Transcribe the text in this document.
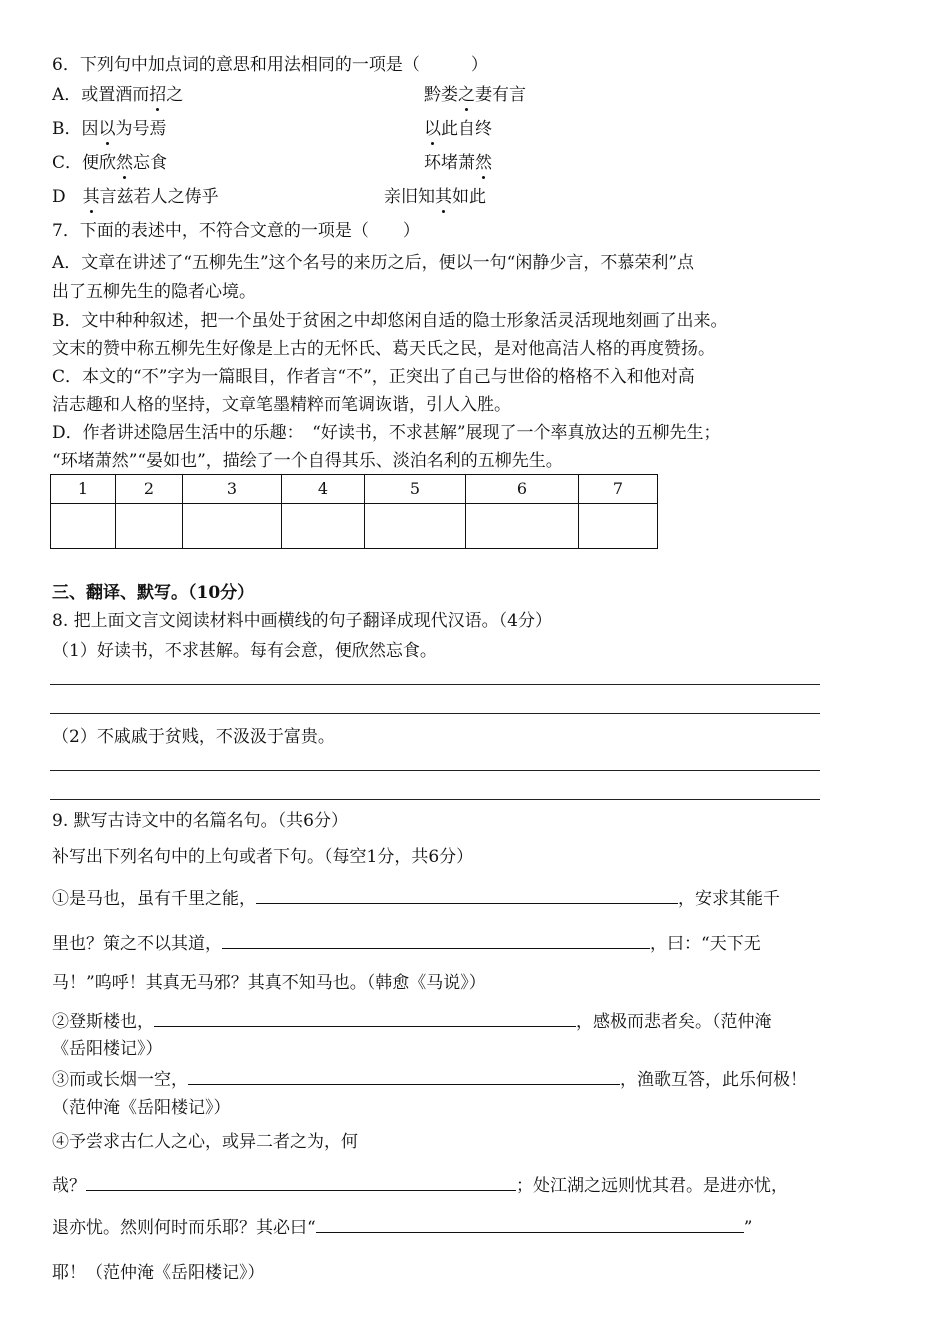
6．下列句中加点词的意思和用法相同的一项是（　　　）
A．或置酒而招之	黔娄之妻有言
B．因以为号焉	以此自终
C．便欣然忘食	环堵萧然
D　其言兹若人之俦乎	亲旧知其如此
7．下面的表述中，不符合文意的一项是（　　）
A．文章在讲述了“五柳先生”这个名号的来历之后，便以一句“闲静少言，不慕荣利”点
出了五柳先生的隐者心境。
B．文中种种叙述，把一个虽处于贫困之中却悠闲自适的隐士形象活灵活现地刻画了出来。
文末的赞中称五柳先生好像是上古的无怀氏、葛天氏之民，是对他高洁人格的再度赞扬。
C．本文的“不”字为一篇眼目，作者言“不”，正突出了自己与世俗的格格不入和他对高
洁志趣和人格的坚持，文章笔墨精粹而笔调诙谐，引人入胜。
D．作者讲述隐居生活中的乐趣：　“好读书，不求甚解”展现了一个率真放达的五柳先生；
“环堵萧然”“晏如也”，描绘了一个自得其乐、淡泊名利的五柳先生。
1	2	3	4	5	6	7

三、翻译、默写。（10分）
8. 把上面文言文阅读材料中画横线的句子翻译成现代汉语。（4分）
（1）好读书，不求甚解。每有会意，便欣然忘食。
（2）不戚戚于贫贱，不汲汲于富贵。
9. 默写古诗文中的名篇名句。（共6分）
补写出下列名句中的上句或者下句。（每空1分，共6分）
①是马也，虽有千里之能，	，安求其能千
里也？策之不以其道，	，曰：“天下无
马！”呜呼！其真无马邪？其真不知马也。（韩愈《马说》）
②登斯楼也，	，感极而悲者矣。（范仲淹
《岳阳楼记》）
③而或长烟一空，	，渔歌互答，此乐何极！
（范仲淹《岳阳楼记》）
④予尝求古仁人之心，或异二者之为，何
哉？	；处江湖之远则忧其君。是进亦忧，
退亦忧。然则何时而乐耶？其必曰“	”
耶！（范仲淹《岳阳楼记》）
